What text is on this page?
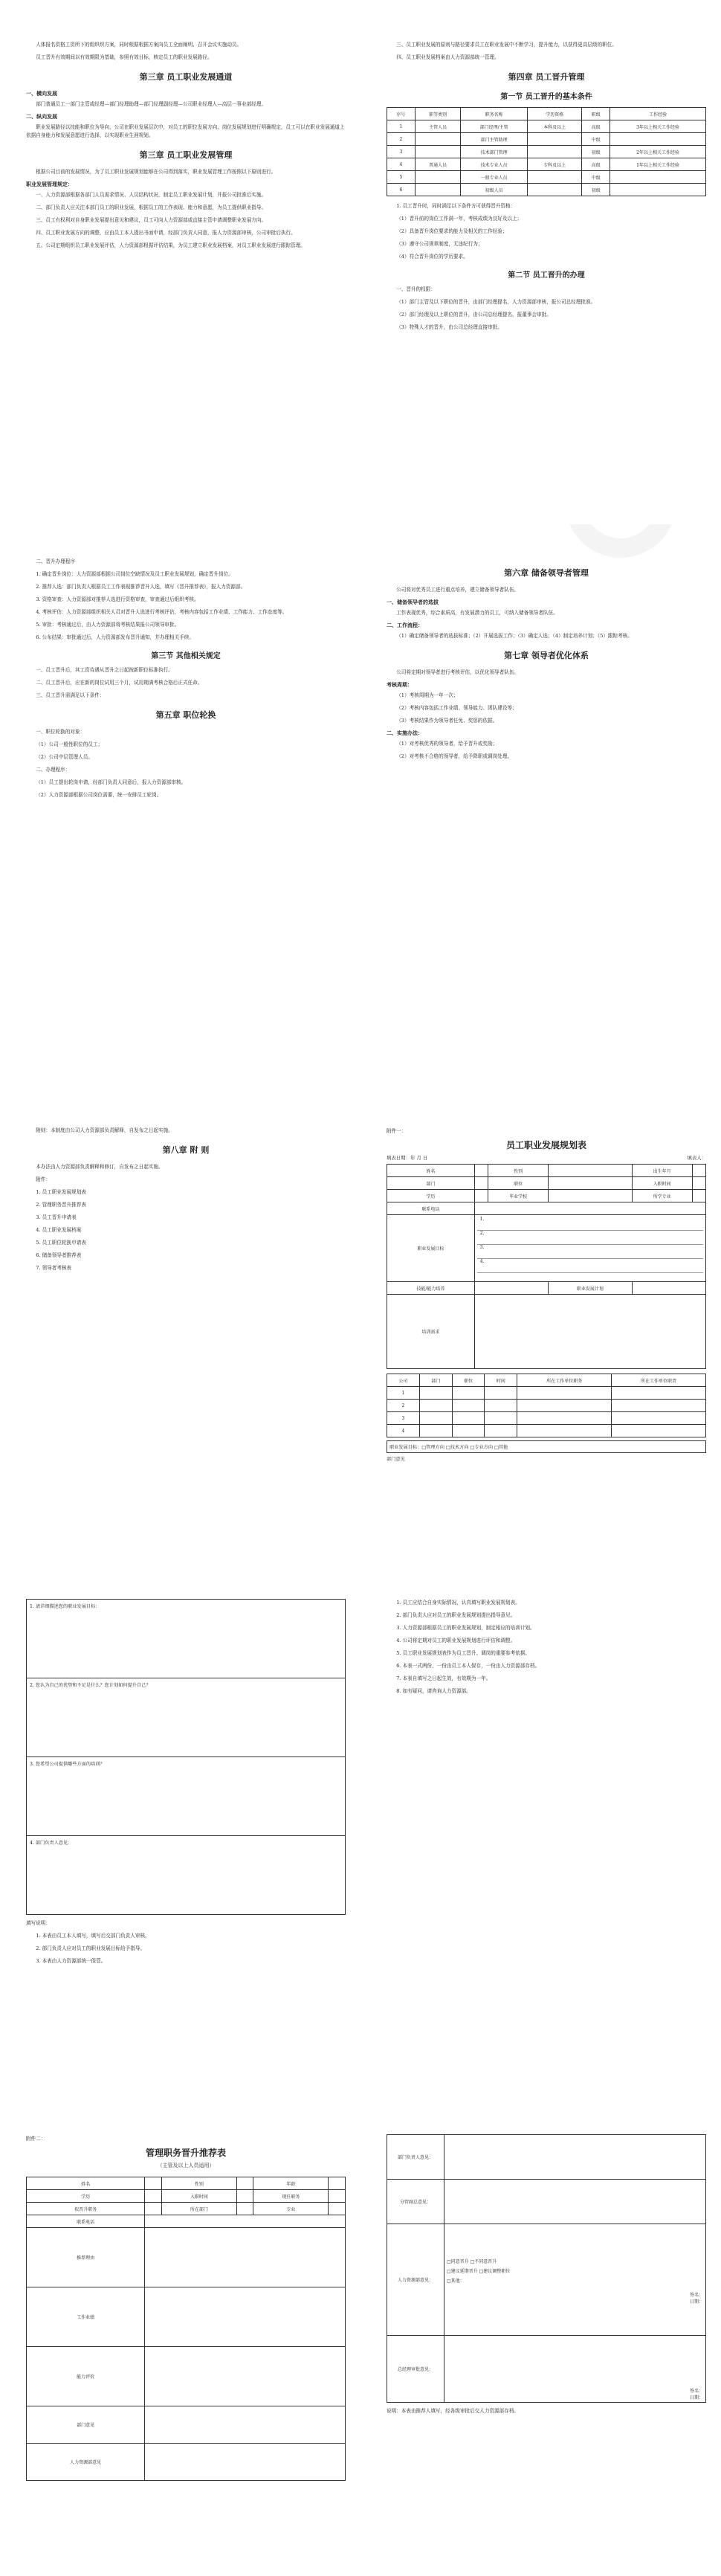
人体报名资格工资所下的组织织方案，同时根据根据方案向员工全面阐明、召开会议实施动员。

员工晋升有效期间以有效期限为基础，参照有效目标，核定员工的职业发展路径。

第三章 员工职业发展通道
一、横向发展

部门普通员工一部门主管或经理—部门经理助理—部门经理副经理—公司职业经理人—高层一事业部经理。

二、纵向发展

职业发展路径以技能和职位为导向，公司在职业发展层次中，对员工的职位发展方向、岗位发展规划进行明确规定，员工可以在职业发展通道上依据自身能力和发展意愿进行选择，以实现职业生涯规划。

第三章 员工职业发展管理

根据公司目前的发展情况，为了员工职业发展规划能够在公司得到落实，职业发展管理工作按照以下原则进行。

职业发展管理规定：

一、人力资源部根据各部门人员需求情况、人员结构状况，制定员工职业发展计划，并报公司批准后实施。

二、部门负责人应关注本部门员工的职业发展，根据员工的工作表现、能力和意愿，为员工提供职业指导。

三、员工有权利对自身职业发展提出意见和建议，员工可向人力资源部或直接主管申请调整职业发展方向。

四、员工职业发展方向的调整，应由员工本人提出书面申请，经部门负责人同意，报人力资源部审核，公司审批后执行。

五、公司定期组织员工职业发展评估，人力资源部根据评估结果，为员工建立职业发展档案，对员工职业发展进行跟踪管理。

三、员工职业发展的原则与路径要求员工在职业发展中不断学习，提升能力，以获得更高层级的职位。

四、员工职业发展档案由人力资源部统一管理。

第四章 员工晋升管理
第一节 员工晋升的基本条件
序号	职等类别	职务名称	学历资格	职级	工作经验
1	主管人员	部门经理/主管	本科及以上	高级	3年以上相关工作经验
2		部门主管助理		中级	
3		技术部门管理		初级	2年以上相关工作经验
4	普通人员	技术专业人员	专科及以上	高级	1年以上相关工作经验
5		一般专业人员		中级	
6		初级人员		初级	

1. 员工晋升时，同时满足以下条件方可获得晋升资格：

（1）晋升前的岗位工作满一年，考核成绩为良好及以上；

（2）具备晋升岗位要求的能力及相关的工作经验；

（3）遵守公司规章制度，无违纪行为；

（4）符合晋升岗位的学历要求。

第二节 员工晋升的办理

一、晋升的权限：

（1）部门主管及以下职位的晋升，由部门经理提名，人力资源部审核，报公司总经理批准。

（2）部门经理及以上职位的晋升，由公司总经理提名，报董事会审批。

（3）特殊人才的晋升，由公司总经理直接审批。

二、晋升办理程序

1. 确定晋升岗位：人力资源部根据公司岗位空缺情况及员工职业发展规划，确定晋升岗位。

2. 推荐人选：部门负责人根据员工工作表现推荐晋升人选，填写《晋升推荐表》，报人力资源部。

3. 资格审查：人力资源部对推荐人选进行资格审查，审查通过后组织考核。

4. 考核评估：人力资源部组织相关人员对晋升人选进行考核评估，考核内容包括工作业绩、工作能力、工作态度等。

5. 审批：考核通过后，由人力资源部将考核结果报公司领导审批。

6. 公布结果：审批通过后，人力资源部发布晋升通知，并办理相关手续。

第三节 其他相关规定

一、员工晋升后，其工资待遇从晋升之日起按新职位标准执行。

二、员工晋升后，应在新的岗位试用三个月，试用期满考核合格后正式任命。

三、员工晋升需满足以下条件：

第五章 职位轮换

一、职位轮换的对象：

（1）公司一般性职位的员工；

（2）公司中层管理人员。

二、办理程序：

（1）员工提出轮岗申请，经部门负责人同意后，报人力资源部审核。

（2）人力资源部根据公司岗位需要，统一安排员工轮岗。

第六章 储备领导者管理

公司将对优秀员工进行重点培养，建立储备领导者队伍。

一、储备领导者的选拔

工作表现优秀，综合素质高，有发展潜力的员工，可纳入储备领导者队伍。

二、工作流程：

（1）确定储备领导者的选拔标准；（2）开展选拔工作；（3）确定人选；（4）制定培养计划；（5）跟踪考核。

第七章 领导者优化体系

公司将定期对领导者进行考核评估，以优化领导者队伍。

考核周期：

（1）考核周期为一年一次；

（2）考核内容包括工作业绩、领导能力、团队建设等；

（3）考核结果作为领导者任免、奖惩的依据。

二、实施办法：

（1）对考核优秀的领导者，给予晋升或奖励；

（2）对考核不合格的领导者，给予降职或调岗处理。

附则：本制度由公司人力资源部负责解释，自发布之日起实施。

第八章 附 则

本办法由人力资源部负责解释和修订，自发布之日起实施。

附件：

1. 员工职业发展规划表

2. 管理职务晋升推荐表

3. 员工晋升申请表

4. 员工职业发展档案

5. 员工职位轮换申请表

6. 储备领导者推荐表

7. 领导者考核表

附件一：
员工职业发展规划表
填表日期：年 月 日	填表人：
姓名		性别		出生年月	
部门		职位		入职时间	
学历		毕业学校		所学专业	
联系电话					
职业发展目标	1.
2.
3.
4.				

技能/能力培养			职业发展计划		
培训需求					
公司	部门	职位	时间	所在工作单位职务	所在工作单位职责
1					
2					
3					
4					
职业发展目标：□管理方向 □技术方向 □专业方向 □其他
部门意见
1. 请详细描述您的职业发展目标：
2. 您认为自己的优势和不足是什么？您计划如何提升自己？
3. 您希望公司提供哪些方面的培训？
4. 部门负责人意见：

填写说明：

1. 本表由员工本人填写，填写后交部门负责人审核。

2. 部门负责人应对员工的职业发展目标给予指导。

3. 本表由人力资源部统一保管。

1. 员工应结合自身实际情况，认真填写职业发展规划表。

2. 部门负责人应对员工的职业发展规划提出指导意见。

3. 人力资源部根据员工的职业发展规划，制定相应的培训计划。

4. 公司将定期对员工的职业发展规划进行评估和调整。

5. 员工职业发展规划表作为员工晋升、调岗的重要参考依据。

6. 本表一式两份，一份由员工本人保存，一份由人力资源部存档。

7. 本表自填写之日起生效，有效期为一年。

8. 如有疑问，请咨询人力资源部。

附件二：
管理职务晋升推荐表
（主管及以上人员适用）
姓名		性别		年龄	
学历		入职时间		现任职务	
拟晋升职务		所在部门		专业	
联系电话					
推荐理由					
工作业绩					
能力评价					
部门意见					
人力资源部意见					
部门负责人意见：	
分管副总意见：	
人力资源部意见：	□同意晋升 □不同意晋升
□建议延期晋升 □建议调整职位
□其他：
签名：
日期：

总经理审批意见：	签名：
日期：

说明：本表由推荐人填写，经各级审批后交人力资源部存档。
